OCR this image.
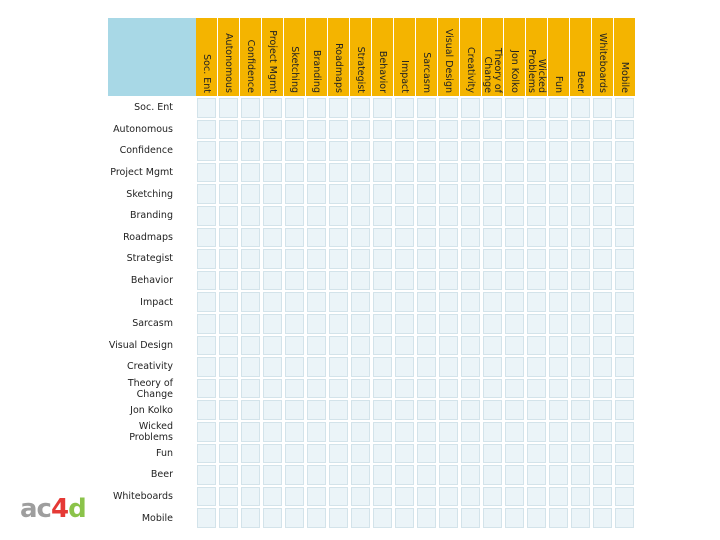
Soc. Ent Autonomous Confidence Project Mgmt Sketching Branding Roadmaps Strategist Behavior Impact Sarcasm Visual Design Creativity Theory of
Change Jon Kolko Wicked
Problems Fun Beer Whiteboards Mobile
Soc. Ent
Autonomous
Confidence
Project Mgmt
Sketching
Branding
Roadmaps
Strategist
Behavior
Impact
Sarcasm
Visual Design
Creativity
Theory of
Change
Jon Kolko
Wicked
Problems
Fun
Beer
Whiteboards
Mobile
ac 4 d
